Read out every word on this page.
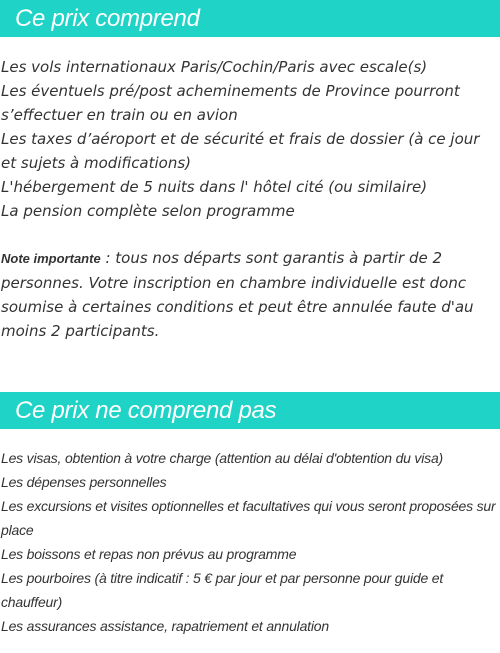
Ce prix comprend

Les vols internationaux Paris/Cochin/Paris avec escale(s)

Les éventuels pré/post acheminements de Province pourront s’effectuer en train ou en avion

Les taxes d’aéroport et de sécurité et frais de dossier (à ce jour et sujets à modifications)

L'hébergement de 5 nuits dans l' hôtel cité (ou similaire)

La pension complète selon programme

Note importante : tous nos départs sont garantis à partir de 2 personnes. Votre inscription en chambre individuelle est donc soumise à certaines conditions et peut être annulée faute d'au moins 2 participants.
Ce prix ne comprend pas

Les visas, obtention à votre charge (attention au délai d'obtention du visa)

Les dépenses personnelles

Les excursions et visites optionnelles et facultatives qui vous seront proposées sur place

Les boissons et repas non prévus au programme

Les pourboires (à titre indicatif : 5 € par jour et par personne pour guide et chauffeur)

Les assurances assistance, rapatriement et annulation
